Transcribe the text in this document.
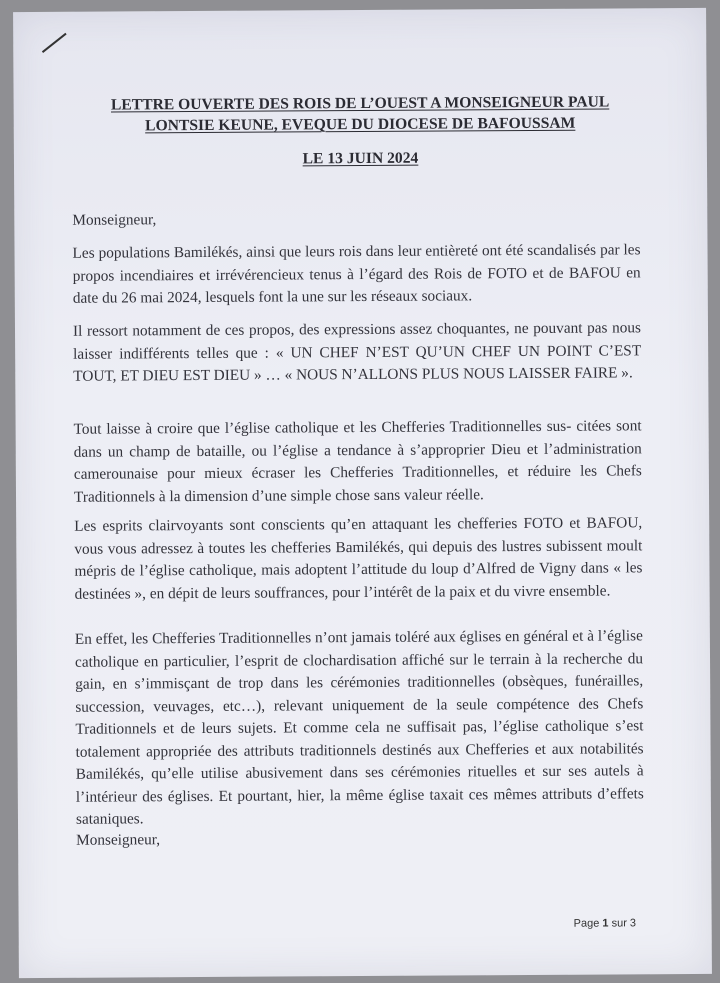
LETTRE OUVERTE DES ROIS DE L’OUEST A MONSEIGNEUR PAUL
LONTSIE KEUNE, EVEQUE DU DIOCESE DE BAFOUSSAM
LE 13 JUIN 2024
Monseigneur,

Les populations Bamilékés, ainsi que leurs rois dans leur entièreté ont été scandalisés par les propos incendiaires et irrévérencieux tenus à l’égard des Rois de FOTO et de BAFOU en date du 26 mai 2024, lesquels font la une sur les réseaux sociaux.

Il ressort notamment de ces propos, des expressions assez choquantes, ne pouvant pas nous laisser indifférents telles que : « UN CHEF N’EST QU’UN CHEF UN POINT C’EST TOUT, ET DIEU EST DIEU » … « NOUS N’ALLONS PLUS NOUS LAISSER FAIRE ».

Tout laisse à croire que l’église catholique et les Chefferies Traditionnelles sus- citées sont dans un champ de bataille, ou l’église a tendance à s’approprier Dieu et l’administration camerounaise pour mieux écraser les Chefferies Traditionnelles, et réduire les Chefs Traditionnels à la dimension d’une simple chose sans valeur réelle.

Les esprits clairvoyants sont conscients qu’en attaquant les chefferies FOTO et BAFOU, vous vous adressez à toutes les chefferies Bamilékés, qui depuis des lustres subissent moult mépris de l’église catholique, mais adoptent l’attitude du loup d’Alfred de Vigny dans « les destinées », en dépit de leurs souffrances, pour l’intérêt de la paix et du vivre ensemble.

En effet, les Chefferies Traditionnelles n’ont jamais toléré aux églises en général et à l’église catholique en particulier, l’esprit de clochardisation affiché sur le terrain à la recherche du gain, en s’immisçant de trop dans les cérémonies traditionnelles (obsèques, funérailles, succession, veuvages, etc…), relevant uniquement de la seule compétence des Chefs Traditionnels et de leurs sujets. Et comme cela ne suffisait pas, l’église catholique s’est totalement appropriée des attributs traditionnels destinés aux Chefferies et aux notabilités Bamilékés, qu’elle utilise abusivement dans ses cérémonies rituelles et sur ses autels à l’intérieur des églises. Et pourtant, hier, la même église taxait ces mêmes attributs d’effets sataniques.

Monseigneur,
Page 1 sur 3
